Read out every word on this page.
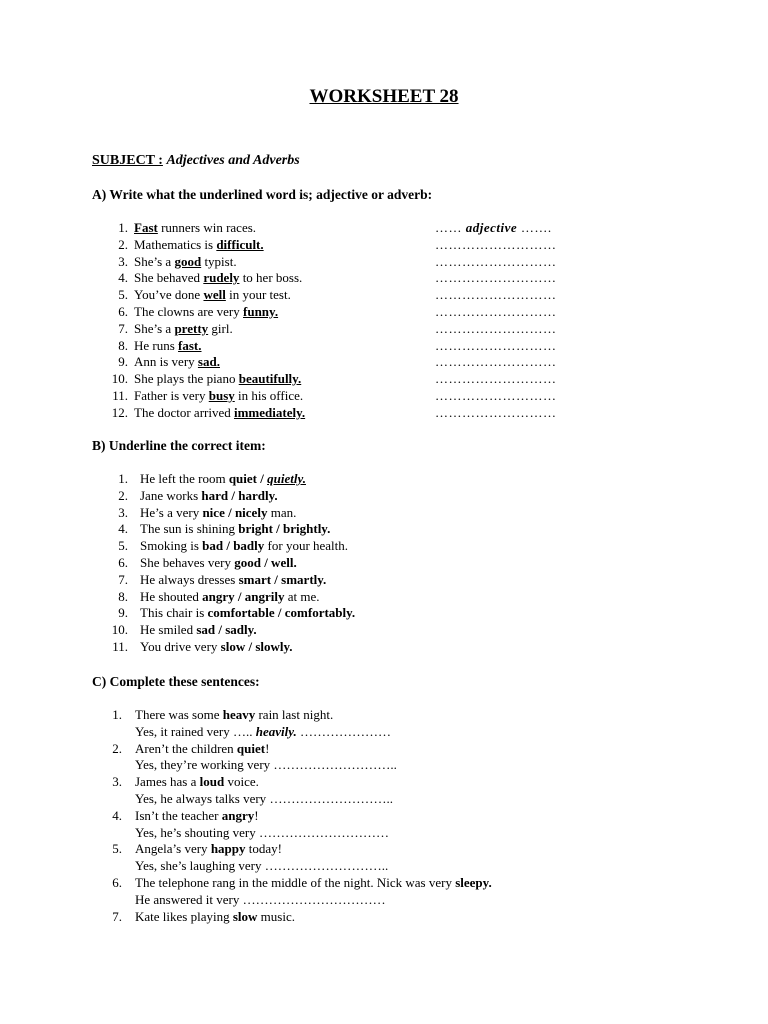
WORKSHEET 28
SUBJECT : Adjectives and Adverbs
A) Write what the underlined word is; adjective or adverb:
1. Fast runners win races.	…… adjective …….
2. Mathematics is difficult.	………………………
3. She’s a good typist.	………………………
4. She behaved rudely to her boss.	………………………
5. You’ve done well in your test.	………………………
6. The clowns are very funny.	………………………
7. She’s a pretty girl.	………………………
8. He runs fast.	………………………
9. Ann is very sad.	………………………
10. She plays the piano beautifully.	………………………
11. Father is very busy in his office.	………………………
12. The doctor arrived immediately.	………………………
B) Underline the correct item:
1. He left the room quiet / quietly.
2. Jane works hard / hardly.
3. He’s a very nice / nicely man.
4. The sun is shining bright / brightly.
5. Smoking is bad / badly for your health.
6. She behaves very good / well.
7. He always dresses smart / smartly.
8. He shouted angry / angrily at me.
9. This chair is comfortable / comfortably.
10. He smiled sad / sadly.
11. You drive very slow / slowly.
C) Complete these sentences:
1. There was some heavy rain last night.
Yes, it rained very ….. heavily. …………………
2. Aren’t the children quiet!
Yes, they’re working very ………………………..
3. James has a loud voice.
Yes, he always talks very ………………………..
4. Isn’t the teacher angry!
Yes, he’s shouting very …………………………
5. Angela’s very happy today!
Yes, she’s laughing very ………………………..
6. The telephone rang in the middle of the night. Nick was very sleepy.
He answered it very ……………………………
7. Kate likes playing slow music.
